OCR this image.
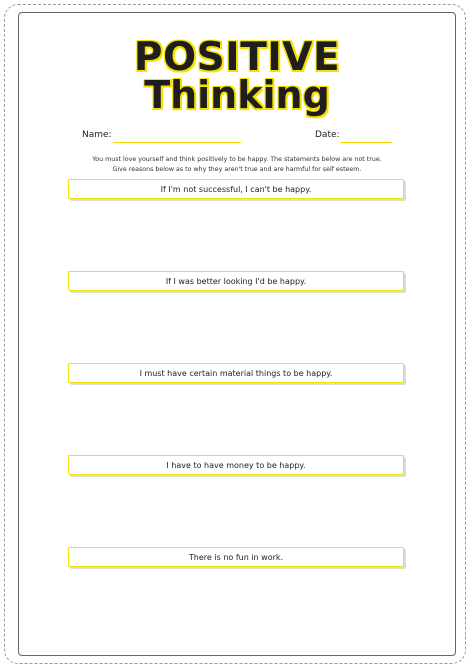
POSITIVE
Thinking
Name:	Date:
You must love yourself and think positively to be happy. The statements below are not true.
Give reasons below as to why they aren't true and are harmful for self esteem.
If I'm not successful, I can't be happy.
If I was better looking I'd be happy.
I must have certain material things to be happy.
I have to have money to be happy.
There is no fun in work.
